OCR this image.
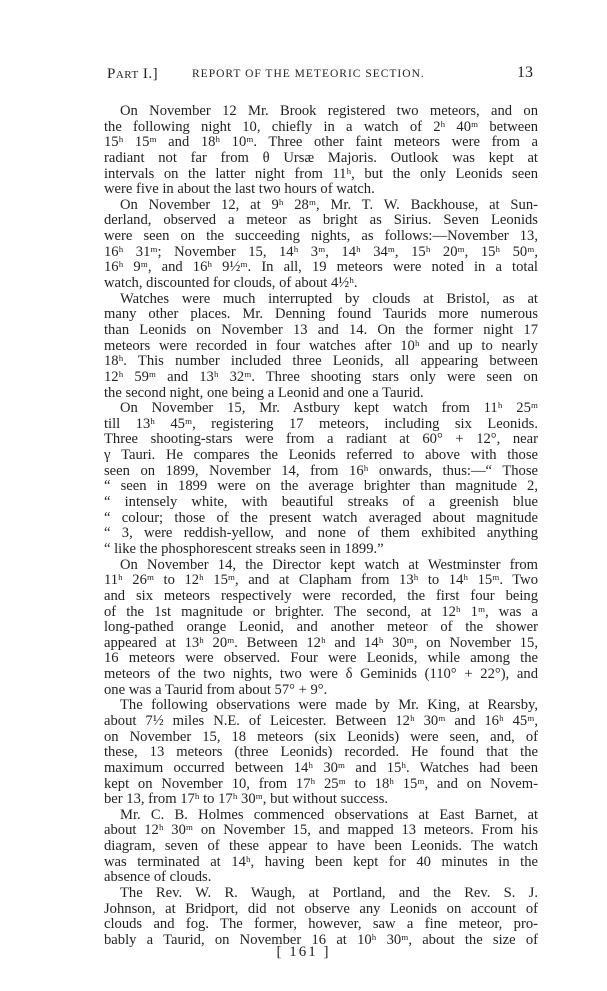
Part I.]	REPORT OF THE METEORIC SECTION.	13
On November 12 Mr. Brook registered two meteors, and on
the following night 10, chiefly in a watch of 2ʰ 40ᵐ between
15ʰ 15ᵐ and 18ʰ 10ᵐ. Three other faint meteors were from a
radiant not far from θ Ursæ Majoris. Outlook was kept at
intervals on the latter night from 11ʰ, but the only Leonids seen
were five in about the last two hours of watch.
On November 12, at 9ʰ 28ᵐ, Mr. T. W. Backhouse, at Sun-
derland, observed a meteor as bright as Sirius. Seven Leonids
were seen on the succeeding nights, as follows:—November 13,
16ʰ 31ᵐ; November 15, 14ʰ 3ᵐ, 14ʰ 34ᵐ, 15ʰ 20ᵐ, 15ʰ 50ᵐ,
16ʰ 9ᵐ, and 16ʰ 9½ᵐ. In all, 19 meteors were noted in a total
watch, discounted for clouds, of about 4½ʰ.
Watches were much interrupted by clouds at Bristol, as at
many other places. Mr. Denning found Taurids more numerous
than Leonids on November 13 and 14. On the former night 17
meteors were recorded in four watches after 10ʰ and up to nearly
18ʰ. This number included three Leonids, all appearing between
12ʰ 59ᵐ and 13ʰ 32ᵐ. Three shooting stars only were seen on
the second night, one being a Leonid and one a Taurid.
On November 15, Mr. Astbury kept watch from 11ʰ 25ᵐ
till 13ʰ 45ᵐ, registering 17 meteors, including six Leonids.
Three shooting-stars were from a radiant at 60° + 12°, near
γ Tauri. He compares the Leonids referred to above with those
seen on 1899, November 14, from 16ʰ onwards, thus:—“ Those
“ seen in 1899 were on the average brighter than magnitude 2,
“ intensely white, with beautiful streaks of a greenish blue
“ colour; those of the present watch averaged about magnitude
“ 3, were reddish-yellow, and none of them exhibited anything
“ like the phosphorescent streaks seen in 1899.”
On November 14, the Director kept watch at Westminster from
11ʰ 26ᵐ to 12ʰ 15ᵐ, and at Clapham from 13ʰ to 14ʰ 15ᵐ. Two
and six meteors respectively were recorded, the first four being
of the 1st magnitude or brighter. The second, at 12ʰ 1ᵐ, was a
long-pathed orange Leonid, and another meteor of the shower
appeared at 13ʰ 20ᵐ. Between 12ʰ and 14ʰ 30ᵐ, on November 15,
16 meteors were observed. Four were Leonids, while among the
meteors of the two nights, two were δ Geminids (110° + 22°), and
one was a Taurid from about 57° + 9°.
The following observations were made by Mr. King, at Rearsby,
about 7½ miles N.E. of Leicester. Between 12ʰ 30ᵐ and 16ʰ 45ᵐ,
on November 15, 18 meteors (six Leonids) were seen, and, of
these, 13 meteors (three Leonids) recorded. He found that the
maximum occurred between 14ʰ 30ᵐ and 15ʰ. Watches had been
kept on November 10, from 17ʰ 25ᵐ to 18ʰ 15ᵐ, and on Novem-
ber 13, from 17ʰ to 17ʰ 30ᵐ, but without success.
Mr. C. B. Holmes commenced observations at East Barnet, at
about 12ʰ 30ᵐ on November 15, and mapped 13 meteors. From his
diagram, seven of these appear to have been Leonids. The watch
was terminated at 14ʰ, having been kept for 40 minutes in the
absence of clouds.
The Rev. W. R. Waugh, at Portland, and the Rev. S. J.
Johnson, at Bridport, did not observe any Leonids on account of
clouds and fog. The former, however, saw a fine meteor, pro-
bably a Taurid, on November 16 at 10ʰ 30ᵐ, about the size of
[ 161 ]
